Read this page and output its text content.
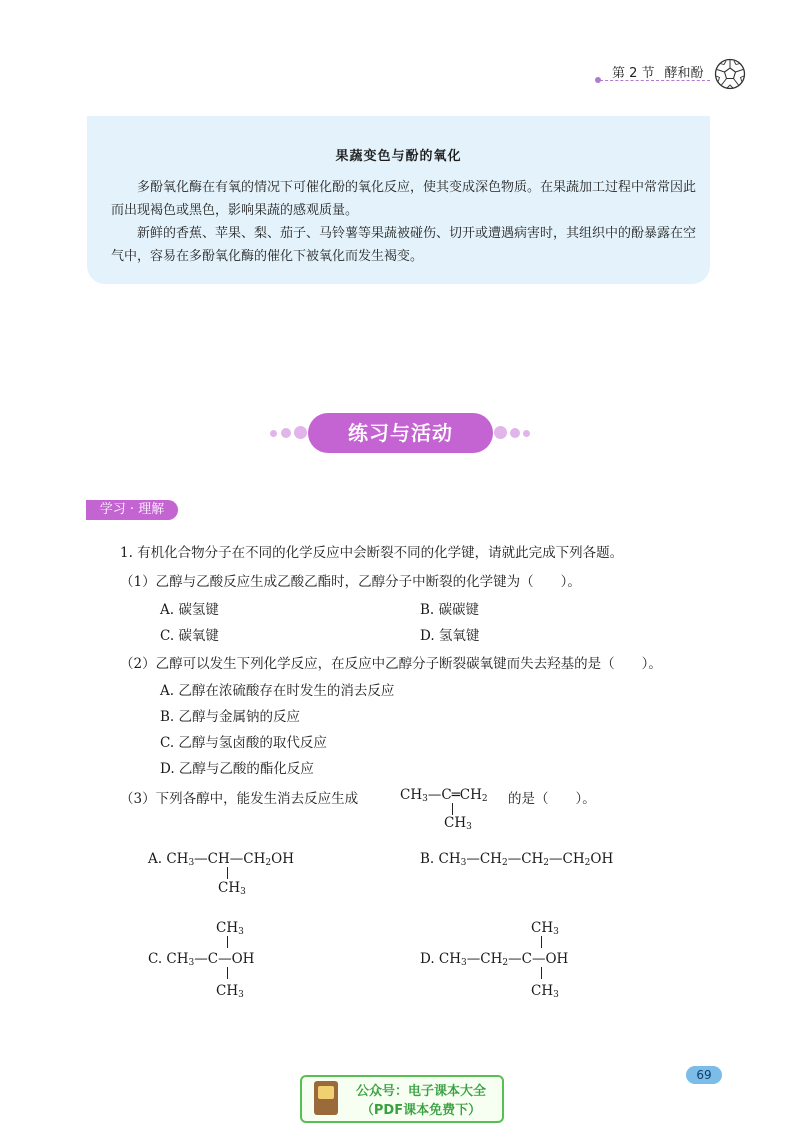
第 2 节 酵和酚
果蔬变色与酚的氧化
多酚氧化酶在有氧的情况下可催化酚的氧化反应，使其变成深色物质。在果蔬加工过程中常常因此而出现褐色或黑色，影响果蔬的感观质量。
新鲜的香蕉、苹果、梨、茄子、马铃薯等果蔬被碰伤、切开或遭遇病害时，其组织中的酚暴露在空气中，容易在多酚氧化酶的催化下被氧化而发生褐变。
练习与活动
学习 · 理解
1. 有机化合物分子在不同的化学反应中会断裂不同的化学键，请就此完成下列各题。
（1）乙醇与乙酸反应生成乙酸乙酯时，乙醇分子中断裂的化学键为（　　）。
A. 碳氢键	B. 碳碳键
C. 碳氧键	D. 氢氧键
（2）乙醇可以发生下列化学反应，在反应中乙醇分子断裂碳氧键而失去羟基的是（　　）。
A. 乙醇在浓硫酸存在时发生的消去反应
B. 乙醇与金属钠的反应
C. 乙醇与氢卤酸的取代反应
D. 乙醇与乙酸的酯化反应
（3）下列各醇中，能发生消去反应生成	$CH_3—C═CH_2$
$CH_3$
的是（　　）。
A. $CH_3—CH—CH_2OH$
$CH_3$
B. $CH_3—CH_2—CH_2—CH_2OH$
$CH_3$
C. $CH_3—C—OH$
$CH_3$
$CH_3$
D. $CH_3—CH_2—C—OH$
$CH_3$
69
公众号：电子课本大全
（PDF课本免费下）
